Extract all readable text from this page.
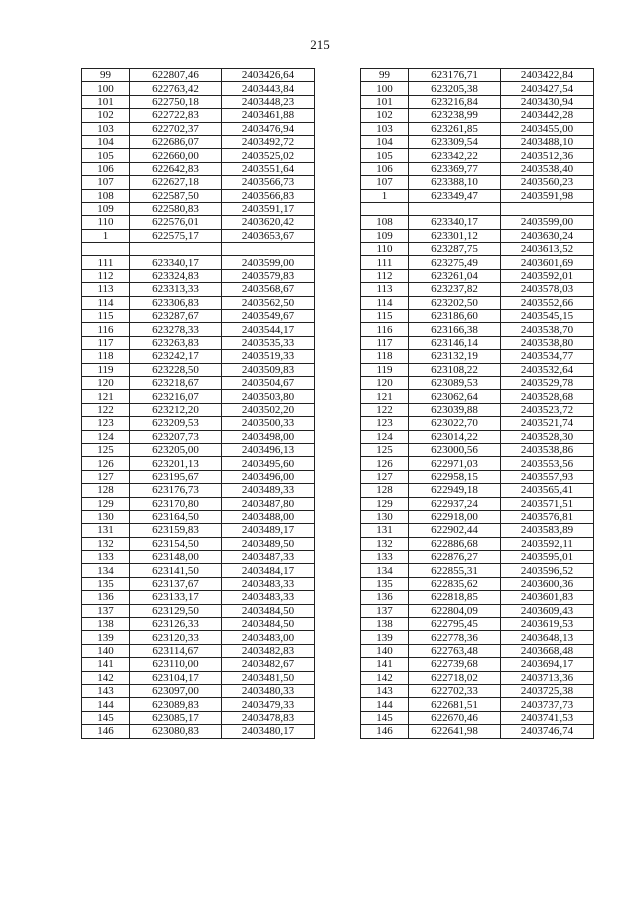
215
99	622807,46	2403426,64		99	623176,71	2403422,84
100	622763,42	2403443,84		100	623205,38	2403427,54
101	622750,18	2403448,23		101	623216,84	2403430,94
102	622722,83	2403461,88		102	623238,99	2403442,28
103	622702,37	2403476,94		103	623261,85	2403455,00
104	622686,07	2403492,72		104	623309,54	2403488,10
105	622660,00	2403525,02		105	623342,22	2403512,36
106	622642,83	2403551,64		106	623369,77	2403538,40
107	622627,18	2403566,73		107	623388,10	2403560,23
108	622587,50	2403566,83		1	623349,47	2403591,98
109	622580,83	2403591,17				
110	622576,01	2403620,42		108	623340,17	2403599,00
1	622575,17	2403653,67		109	623301,12	2403630,24
				110	623287,75	2403613,52
111	623340,17	2403599,00		111	623275,49	2403601,69
112	623324,83	2403579,83		112	623261,04	2403592,01
113	623313,33	2403568,67		113	623237,82	2403578,03
114	623306,83	2403562,50		114	623202,50	2403552,66
115	623287,67	2403549,67		115	623186,60	2403545,15
116	623278,33	2403544,17		116	623166,38	2403538,70
117	623263,83	2403535,33		117	623146,14	2403538,80
118	623242,17	2403519,33		118	623132,19	2403534,77
119	623228,50	2403509,83		119	623108,22	2403532,64
120	623218,67	2403504,67		120	623089,53	2403529,78
121	623216,07	2403503,80		121	623062,64	2403528,68
122	623212,20	2403502,20		122	623039,88	2403523,72
123	623209,53	2403500,33		123	623022,70	2403521,74
124	623207,73	2403498,00		124	623014,22	2403528,30
125	623205,00	2403496,13		125	623000,56	2403538,86
126	623201,13	2403495,60		126	622971,03	2403553,56
127	623195,67	2403496,00		127	622958,15	2403557,93
128	623176,73	2403489,33		128	622949,18	2403565,41
129	623170,80	2403487,80		129	622937,24	2403571,51
130	623164,50	2403488,00		130	622918,00	2403576,81
131	623159,83	2403489,17		131	622902,44	2403583,89
132	623154,50	2403489,50		132	622886,68	2403592,11
133	623148,00	2403487,33		133	622876,27	2403595,01
134	623141,50	2403484,17		134	622855,31	2403596,52
135	623137,67	2403483,33		135	622835,62	2403600,36
136	623133,17	2403483,33		136	622818,85	2403601,83
137	623129,50	2403484,50		137	622804,09	2403609,43
138	623126,33	2403484,50		138	622795,45	2403619,53
139	623120,33	2403483,00		139	622778,36	2403648,13
140	623114,67	2403482,83		140	622763,48	2403668,48
141	623110,00	2403482,67		141	622739,68	2403694,17
142	623104,17	2403481,50		142	622718,02	2403713,36
143	623097,00	2403480,33		143	622702,33	2403725,38
144	623089,83	2403479,33		144	622681,51	2403737,73
145	623085,17	2403478,83		145	622670,46	2403741,53
146	623080,83	2403480,17		146	622641,98	2403746,74
